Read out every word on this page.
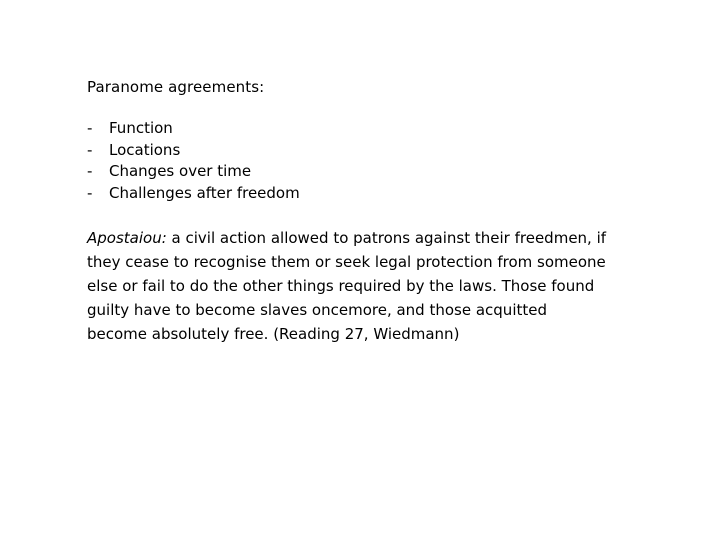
Paranome agreements:
-	Function
-	Locations
-	Changes over time
-	Challenges after freedom

Apostaiou: a civil action allowed to patrons against their freedmen, if they cease to recognise them or seek legal protection from someone else or fail to do the other things required by the laws. Those found guilty have to become slaves oncemore, and those acquitted become absolutely free. (Reading 27, Wiedmann)
